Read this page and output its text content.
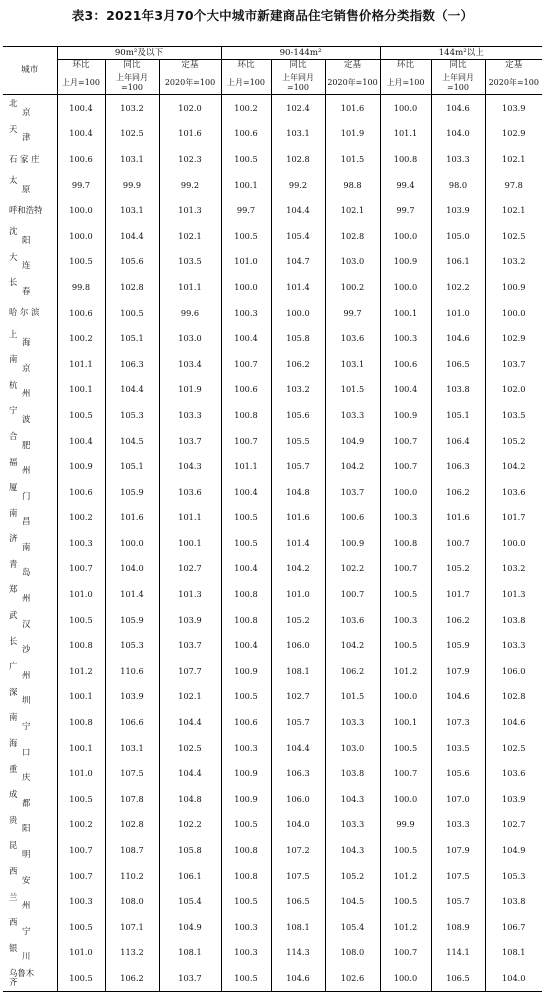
表3：2021年3月70个大中城市新建商品住宅销售价格分类指数（一）
城市	90m²及以下			90-144m²			144m²以上		
	环比	同比	定基	环比	同比	定基	环比	同比	定基
	上月=100	上年同月=100	2020年=100	上月=100	上年同月=100	2020年=100	上月=100	上年同月=100	2020年=100

北
京	100.4	103.2	102.0	100.2	102.4	101.6	100.0	104.6	103.9

天
津	100.4	102.5	101.6	100.6	103.1	101.9	101.1	104.0	102.9

石 家 庄	100.6	103.1	102.3	100.5	102.8	101.5	100.8	103.3	102.1

太
原	99.7	99.9	99.2	100.1	99.2	98.8	99.4	98.0	97.8

呼和浩特	100.0	103.1	101.3	99.7	104.4	102.1	99.7	103.9	102.1

沈
阳	100.0	104.4	102.1	100.5	105.4	102.8	100.0	105.0	102.5

大
连	100.5	105.6	103.5	101.0	104.7	103.0	100.9	106.1	103.2

长
春	99.8	102.8	101.1	100.0	101.4	100.2	100.0	102.2	100.9

哈 尔 滨	100.6	100.5	99.6	100.3	100.0	99.7	100.1	101.0	100.0

上
海	100.2	105.1	103.0	100.4	105.8	103.6	100.3	104.6	102.9

南
京	101.1	106.3	103.4	100.7	106.2	103.1	100.6	106.5	103.7

杭
州	100.1	104.4	101.9	100.6	103.2	101.5	100.4	103.8	102.0

宁
波	100.5	105.3	103.3	100.8	105.6	103.3	100.9	105.1	103.5

合
肥	100.4	104.5	103.7	100.7	105.5	104.9	100.7	106.4	105.2

福
州	100.9	105.1	104.3	101.1	105.7	104.2	100.7	106.3	104.2

厦
门	100.6	105.9	103.6	100.4	104.8	103.7	100.0	106.2	103.6

南
昌	100.2	101.6	101.1	100.5	101.6	100.6	100.3	101.6	101.7

济
南	100.3	100.0	100.1	100.5	101.4	100.9	100.8	100.7	100.0

青
岛	100.7	104.0	102.7	100.4	104.2	102.2	100.7	105.2	103.2

郑
州	101.0	101.4	101.3	100.8	101.0	100.7	100.5	101.7	101.3

武
汉	100.5	105.9	103.9	100.8	105.2	103.6	100.3	106.2	103.8

长
沙	100.8	105.3	103.7	100.4	106.0	104.2	100.5	105.9	103.3

广
州	101.2	110.6	107.7	100.9	108.1	106.2	101.2	107.9	106.0

深
圳	100.1	103.9	102.1	100.5	102.7	101.5	100.0	104.6	102.8

南
宁	100.8	106.6	104.4	100.6	105.7	103.3	100.1	107.3	104.6

海
口	100.1	103.1	102.5	100.3	104.4	103.0	100.5	103.5	102.5

重
庆	101.0	107.5	104.4	100.9	106.3	103.8	100.7	105.6	103.6

成
都	100.5	107.8	104.8	100.9	106.0	104.3	100.0	107.0	103.9

贵
阳	100.2	102.8	102.2	100.5	104.0	103.3	99.9	103.3	102.7

昆
明	100.7	108.7	105.8	100.8	107.2	104.3	100.5	107.9	104.9

西
安	100.7	110.2	106.1	100.8	107.5	105.2	101.2	107.5	105.3

兰
州	100.3	108.0	105.4	100.5	106.5	104.5	100.5	105.7	103.8

西
宁	100.5	107.1	104.9	100.3	108.1	105.4	101.2	108.9	106.7

银
川	101.0	113.2	108.1	100.3	114.3	108.0	100.7	114.1	108.1

乌鲁木
齐	100.5	106.2	103.7	100.5	104.6	102.6	100.0	106.5	104.0
